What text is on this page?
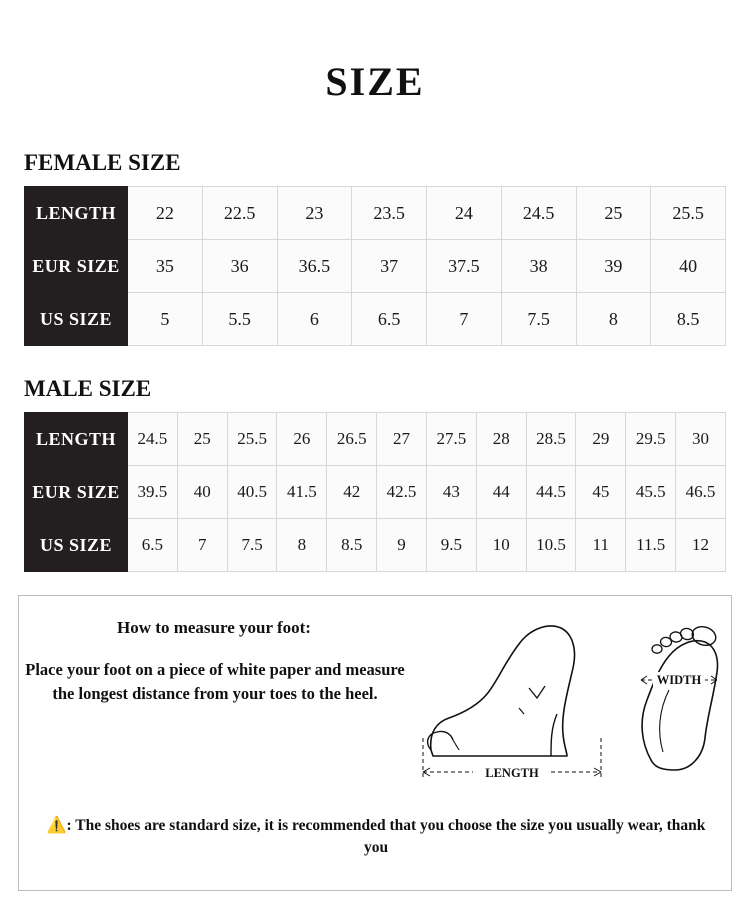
SIZE
FEMALE SIZE
LENGTH	22	22.5	23	23.5	24	24.5	25	25.5
EUR SIZE	35	36	36.5	37	37.5	38	39	40
US SIZE	5	5.5	6	6.5	7	7.5	8	8.5
MALE SIZE
LENGTH	24.5	25	25.5	26	26.5	27	27.5	28	28.5	29	29.5	30
EUR SIZE	39.5	40	40.5	41.5	42	42.5	43	44	44.5	45	45.5	46.5
US SIZE	6.5	7	7.5	8	8.5	9	9.5	10	10.5	11	11.5	12
How to measure your foot:
Place your foot on a piece of white paper and measure the longest distance from your toes to the heel.
LENGTH
WIDTH
⚠️: The shoes are standard size, it is recommended that you choose the size you usually wear, thank you
